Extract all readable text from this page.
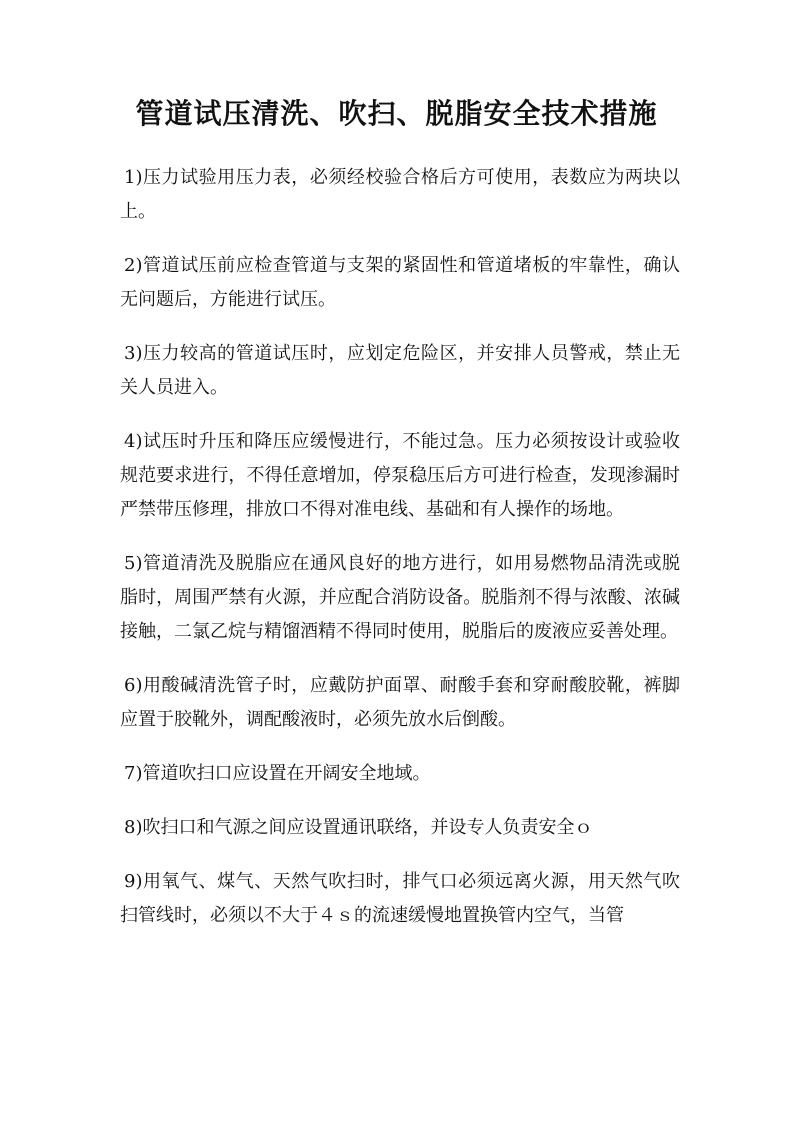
管道试压清洗、吹扫、脱脂安全技术措施

1)压力试验用压力表，必须经校验合格后方可使用，表数应为两块以上。

2)管道试压前应检查管道与支架的紧固性和管道堵板的牢靠性，确认无问题后，方能进行试压。

3)压力较高的管道试压时，应划定危险区，并安排人员警戒，禁止无关人员进入。

4)试压时升压和降压应缓慢进行，不能过急。压力必须按设计或验收规范要求进行，不得任意增加，停泵稳压后方可进行检查，发现渗漏时严禁带压修理，排放口不得对准电线、基础和有人操作的场地。

5)管道清洗及脱脂应在通风良好的地方进行，如用易燃物品清洗或脱脂时，周围严禁有火源，并应配合消防设备。脱脂剂不得与浓酸、浓碱接触，二氯乙烷与精馏酒精不得同时使用，脱脂后的废液应妥善处理。

6)用酸碱清洗管子时，应戴防护面罩、耐酸手套和穿耐酸胶靴，裤脚应置于胶靴外，调配酸液时，必须先放水后倒酸。

7)管道吹扫口应设置在开阔安全地域。

8)吹扫口和气源之间应设置通讯联络，并设专人负责安全ｏ

9)用氧气、煤气、天然气吹扫时，排气口必须远离火源，用天然气吹扫管线时，必须以不大于４ｓ的流速缓慢地置换管内空气，当管
